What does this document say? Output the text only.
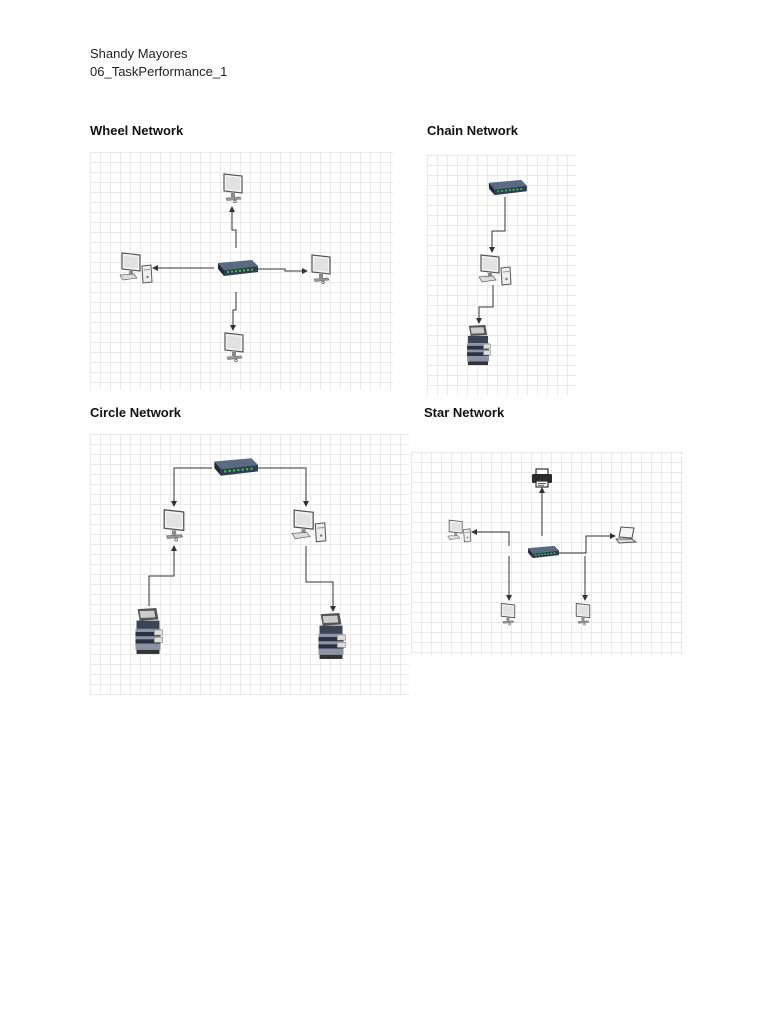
Shandy Mayores
06_TaskPerformance_1
Wheel Network	Chain Network
Circle Network	Star Network
